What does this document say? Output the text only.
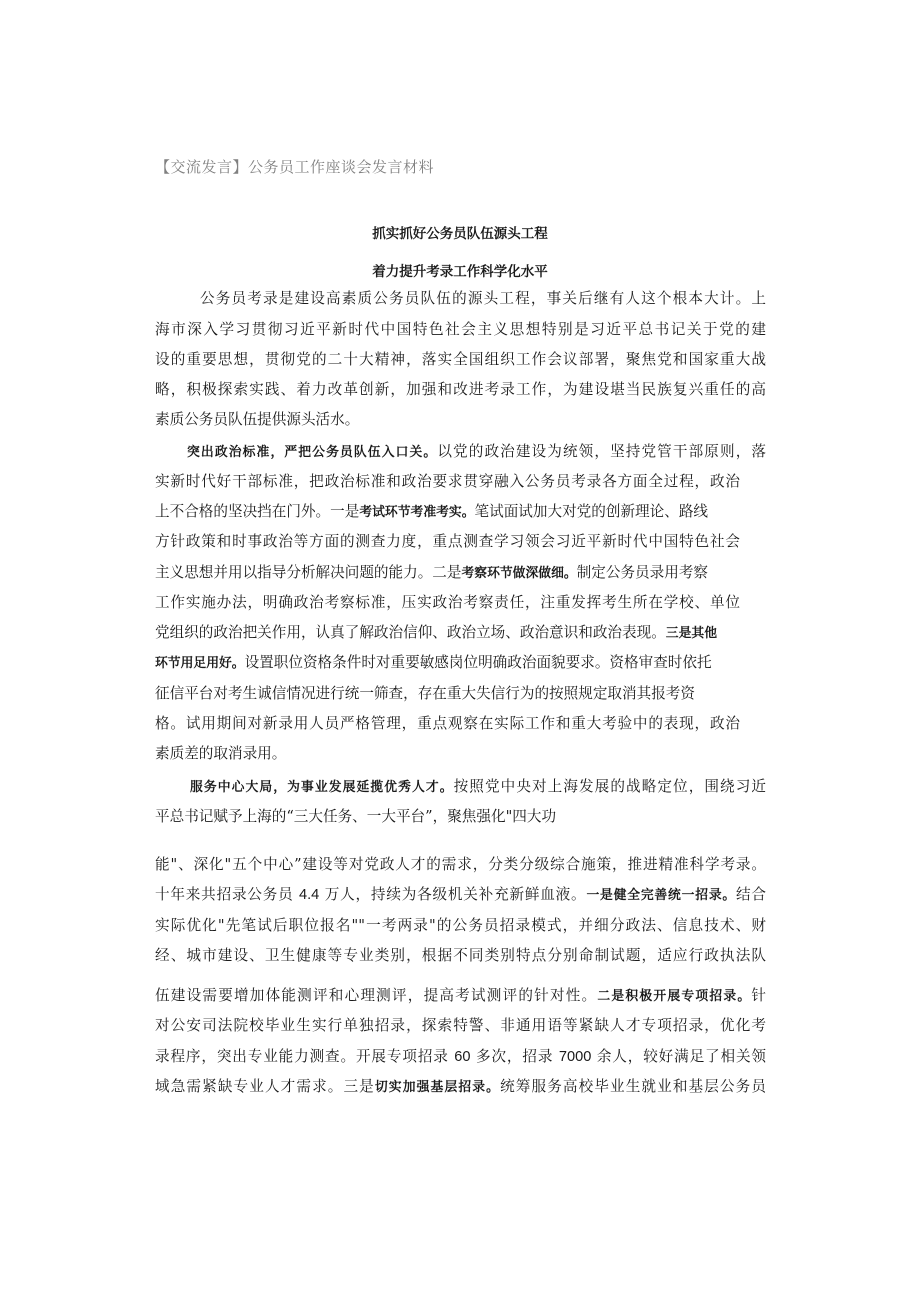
【交流发言】公务员工作座谈会发言材料
抓实抓好公务员队伍源头工程
着力提升考录工作科学化水平
公务员考录是建设高素质公务员队伍的源头工程，事关后继有人这个根本大计。上
海市深入学习贯彻习近平新时代中国特色社会主义思想特别是习近平总书记关于党的建
设的重要思想，贯彻党的二十大精神，落实全国组织工作会议部署，聚焦党和国家重大战
略，积极探索实践、着力改革创新，加强和改进考录工作，为建设堪当民族复兴重任的高
素质公务员队伍提供源头活水。
突出政治标准，严把公务员队伍入口关。以党的政治建设为统领，坚持党管干部原则，落
实新时代好干部标准，把政治标准和政治要求贯穿融入公务员考录各方面全过程，政治
上不合格的坚决挡在门外。一是考试环节考准考实。笔试面试加大对党的创新理论、路线
方针政策和时事政治等方面的测查力度，重点测查学习领会习近平新时代中国特色社会
主义思想并用以指导分析解决问题的能力。二是考察环节做深做细。制定公务员录用考察
工作实施办法，明确政治考察标准，压实政治考察责任，注重发挥考生所在学校、单位
党组织的政治把关作用，认真了解政治信仰、政治立场、政治意识和政治表现。三是其他
环节用足用好。设置职位资格条件时对重要敏感岗位明确政治面貌要求。资格审查时依托
征信平台对考生诚信情况进行统一筛查，存在重大失信行为的按照规定取消其报考资
格。试用期间对新录用人员严格管理，重点观察在实际工作和重大考验中的表现，政治
素质差的取消录用。
服务中心大局，为事业发展延揽优秀人才。按照党中央对上海发展的战略定位，围绕习近
平总书记赋予上海的“三大任务、一大平台”，聚焦强化"四大功
能"、深化"五个中心”建设等对党政人才的需求，分类分级综合施策，推进精准科学考录。
十年来共招录公务员 4.4 万人，持续为各级机关补充新鲜血液。一是健全完善统一招录。结合
实际优化"先笔试后职位报名""一考两录"的公务员招录模式，并细分政法、信息技术、财
经、城市建设、卫生健康等专业类别，根据不同类别特点分别命制试题，适应行政执法队
伍建设需要增加体能测评和心理测评，提高考试测评的针对性。二是积极开展专项招录。针
对公安司法院校毕业生实行单独招录，探索特警、非通用语等紧缺人才专项招录，优化考
录程序，突出专业能力测查。开展专项招录 60 多次，招录 7000 余人，较好满足了相关领
域急需紧缺专业人才需求。三是切实加强基层招录。统筹服务高校毕业生就业和基层公务员
